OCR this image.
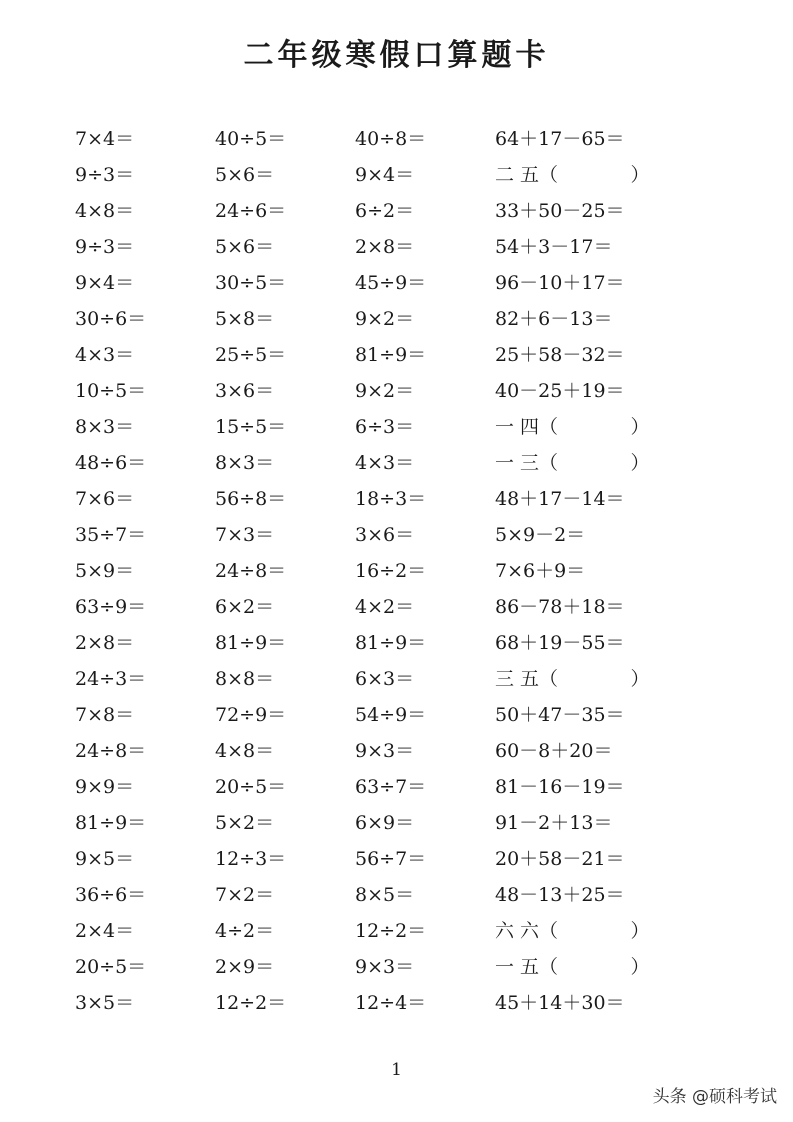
二年级寒假口算题卡
7×4＝	40÷5＝	40÷8＝	64＋17－65＝
9÷3＝	5×6＝	9×4＝	二 五（            ）
4×8＝	24÷6＝	6÷2＝	33＋50－25＝
9÷3＝	5×6＝	2×8＝	54＋3－17＝
9×4＝	30÷5＝	45÷9＝	96－10＋17＝
30÷6＝	5×8＝	9×2＝	82＋6－13＝
4×3＝	25÷5＝	81÷9＝	25＋58－32＝
10÷5＝	3×6＝	9×2＝	40－25＋19＝
8×3＝	15÷5＝	6÷3＝	一 四（            ）
48÷6＝	8×3＝	4×3＝	一 三（            ）
7×6＝	56÷8＝	18÷3＝	48＋17－14＝
35÷7＝	7×3＝	3×6＝	5×9－2＝
5×9＝	24÷8＝	16÷2＝	7×6＋9＝
63÷9＝	6×2＝	4×2＝	86－78＋18＝
2×8＝	81÷9＝	81÷9＝	68＋19－55＝
24÷3＝	8×8＝	6×3＝	三 五（            ）
7×8＝	72÷9＝	54÷9＝	50＋47－35＝
24÷8＝	4×8＝	9×3＝	60－8＋20＝
9×9＝	20÷5＝	63÷7＝	81－16－19＝
81÷9＝	5×2＝	6×9＝	91－2＋13＝
9×5＝	12÷3＝	56÷7＝	20＋58－21＝
36÷6＝	7×2＝	8×5＝	48－13＋25＝
2×4＝	4÷2＝	12÷2＝	六 六（            ）
20÷5＝	2×9＝	9×3＝	一 五（            ）
3×5＝	12÷2＝	12÷4＝	45＋14＋30＝
1
头条 @硕科考试
